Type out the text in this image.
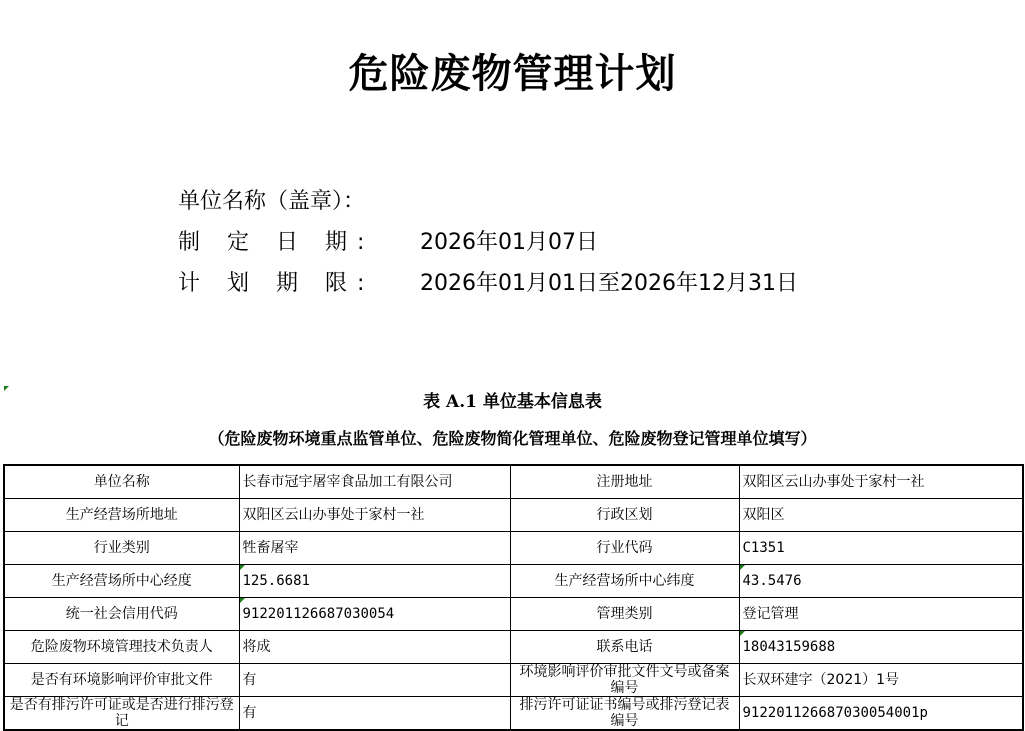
危险废物管理计划
单位名称（盖章）：
制 定 日 期: 2026年01月07日
计 划 期 限: 2026年01月01日至2026年12月31日
表 A.1 单位基本信息表
（危险废物环境重点监管单位、危险废物简化管理单位、危险废物登记管理单位填写）
单位名称	长春市冠宇屠宰食品加工有限公司	注册地址	双阳区云山办事处于家村一社
生产经营场所地址	双阳区云山办事处于家村一社	行政区划	双阳区
行业类别	牲畜屠宰	行业代码	C1351
生产经营场所中心经度	125.6681	生产经营场所中心纬度	43.5476
统一社会信用代码	912201126687030054	管理类别	登记管理
危险废物环境管理技术负责人	将成	联系电话	18043159688
是否有环境影响评价审批文件	有	环境影响评价审批文件文号或备案编号	长双环建字（2021）1号
是否有排污许可证或是否进行排污登记	有	排污许可证证书编号或排污登记表编号	912201126687030054001p
